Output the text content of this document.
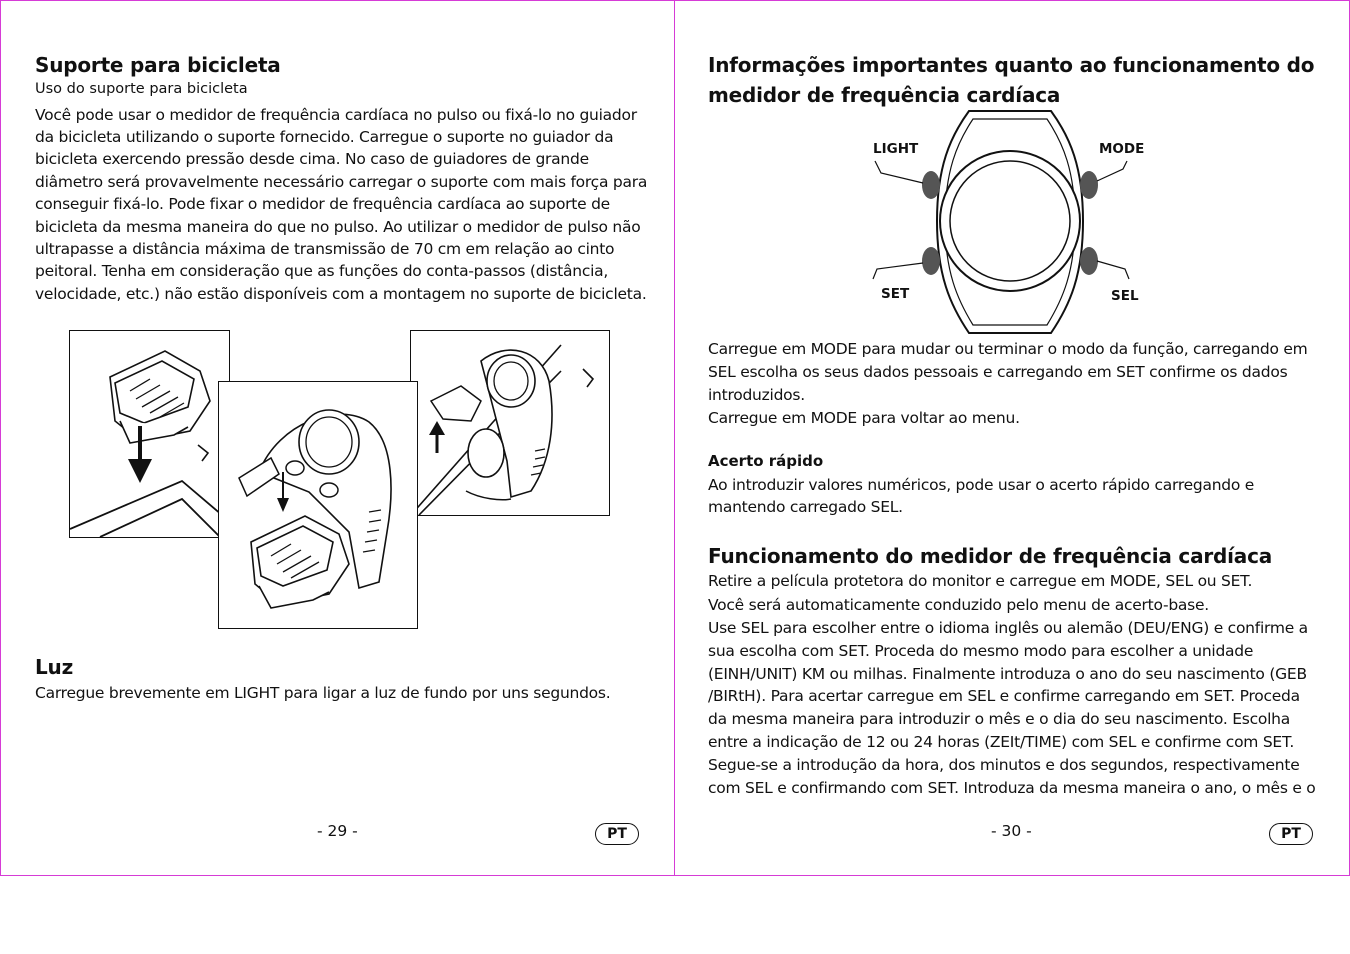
Suporte para bicicleta
Uso do suporte para bicicleta
Você pode usar o medidor de frequência cardíaca no pulso ou fixá-lo no guiador
da bicicleta utilizando o suporte fornecido. Carregue o suporte no guiador da
bicicleta exercendo pressão desde cima. No caso de guiadores de grande
diâmetro será provavelmente necessário carregar o suporte com mais força para
conseguir fixá-lo. Pode fixar o medidor de frequência cardíaca ao suporte de
bicicleta da mesma maneira do que no pulso. Ao utilizar o medidor de pulso não
ultrapasse a distância máxima de transmissão de 70 cm em relação ao cinto
peitoral. Tenha em consideração que as funções do conta-passos (distância,
velocidade, etc.) não estão disponíveis com a montagem no suporte de bicicleta.
Luz
Carregue brevemente em LIGHT para ligar a luz de fundo por uns segundos.
- 29 -	PT
Informações importantes quanto ao funcionamento do
medidor de frequência cardíaca
LIGHT	MODE
SET	SEL
Carregue em MODE para mudar ou terminar o modo da função, carregando em
SEL escolha os seus dados pessoais e carregando em SET confirme os dados
introduzidos.
Carregue em MODE para voltar ao menu.
Acerto rápido
Ao introduzir valores numéricos, pode usar o acerto rápido carregando e
mantendo carregado SEL.
Funcionamento do medidor de frequência cardíaca
Retire a película protetora do monitor e carregue em MODE, SEL ou SET.
Você será automaticamente conduzido pelo menu de acerto-base.
Use SEL para escolher entre o idioma inglês ou alemão (DEU/ENG) e confirme a
sua escolha com SET. Proceda do mesmo modo para escolher a unidade
(EINH/UNIT) KM ou milhas. Finalmente introduza o ano do seu nascimento (GEB
/BIRtH). Para acertar carregue em SEL e confirme carregando em SET. Proceda
da mesma maneira para introduzir o mês e o dia do seu nascimento. Escolha
entre a indicação de 12 ou 24 horas (ZEIt/TIME) com SEL e confirme com SET.
Segue-se a introdução da hora, dos minutos e dos segundos, respectivamente
com SEL e confirmando com SET. Introduza da mesma maneira o ano, o mês e o
- 30 -	PT
